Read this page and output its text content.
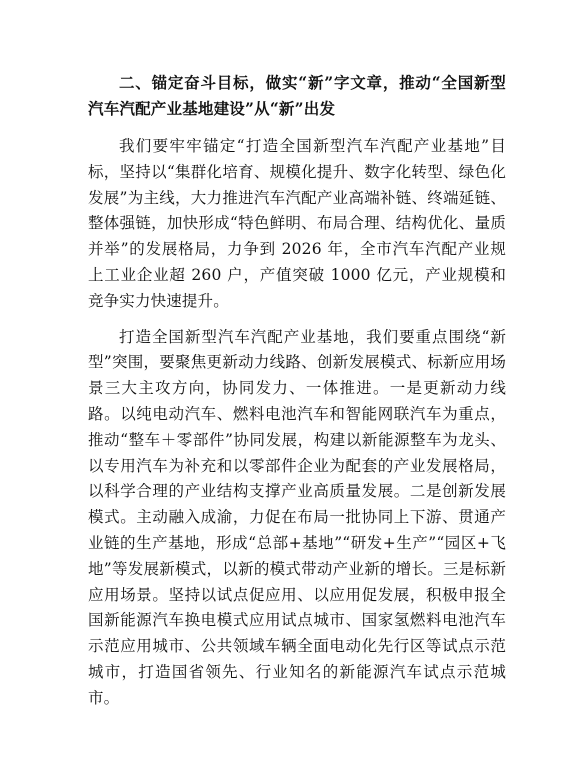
二、锚定奋斗目标，做实“新”字文章，推动“全国新型汽车汽配产业基地建设”从“新”出发

我们要牢牢锚定“打造全国新型汽车汽配产业基地”目标，坚持以“集群化培育、规模化提升、数字化转型、绿色化发展”为主线，大力推进汽车汽配产业高端补链、终端延链、整体强链，加快形成“特色鲜明、布局合理、结构优化、量质并举”的发展格局，力争到 2026 年，全市汽车汽配产业规上工业企业超 260 户，产值突破 1000 亿元，产业规模和竞争实力快速提升。

打造全国新型汽车汽配产业基地，我们要重点围绕“新型”突围，要聚焦更新动力线路、创新发展模式、标新应用场景三大主攻方向，协同发力、一体推进。一是更新动力线路。以纯电动汽车、燃料电池汽车和智能网联汽车为重点，推动“整车＋零部件”协同发展，构建以新能源整车为龙头、以专用汽车为补充和以零部件企业为配套的产业发展格局，以科学合理的产业结构支撑产业高质量发展。二是创新发展模式。主动融入成渝，力促在布局一批协同上下游、贯通产业链的生产基地，形成“总部+基地”“研发+生产”“园区+飞地”等发展新模式，以新的模式带动产业新的增长。三是标新应用场景。坚持以试点促应用、以应用促发展，积极申报全国新能源汽车换电模式应用试点城市、国家氢燃料电池汽车示范应用城市、公共领域车辆全面电动化先行区等试点示范城市，打造国省领先、行业知名的新能源汽车试点示范城市。
